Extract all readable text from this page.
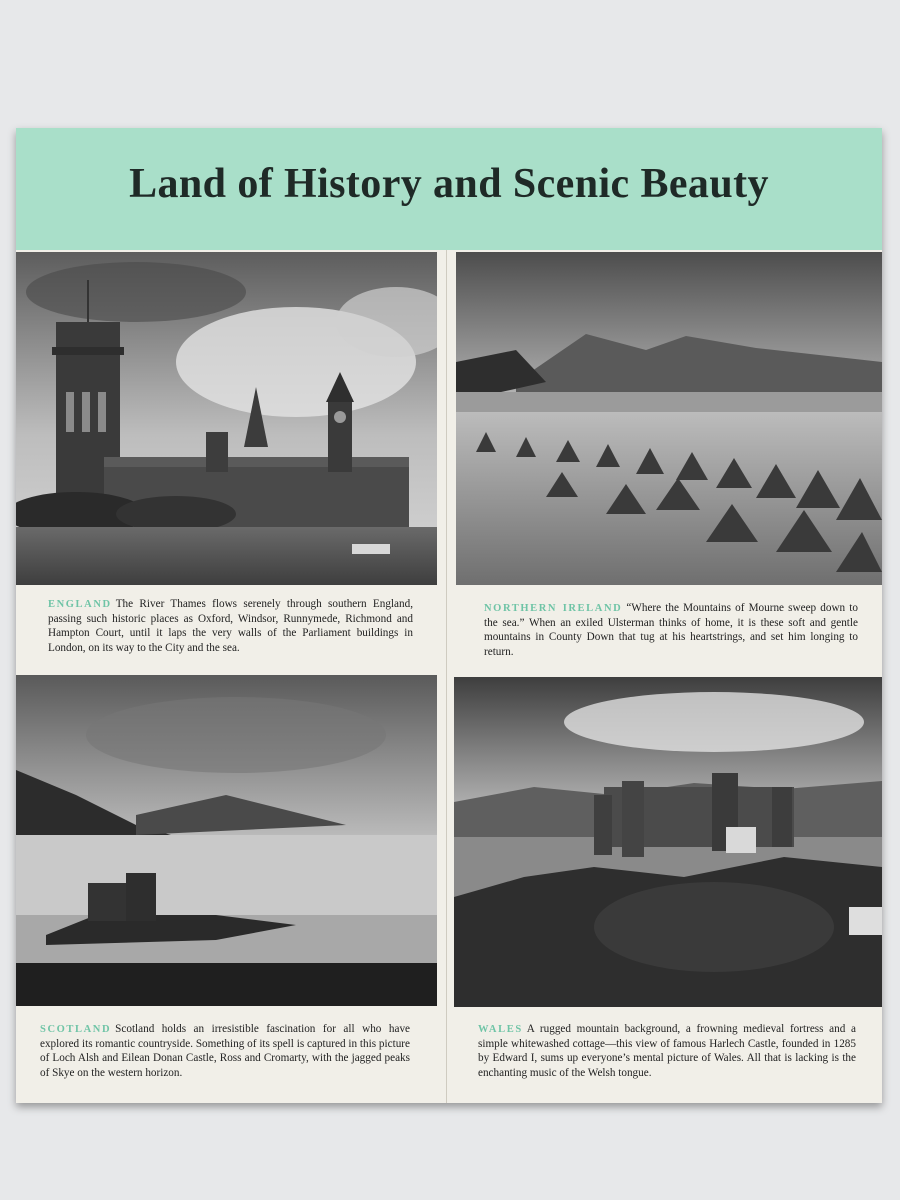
Land of History and Scenic Beauty

ENGLAND The River Thames flows serenely through southern England, passing such historic places as Oxford, Windsor, Runnymede, Richmond and Hampton Court, until it laps the very walls of the Parliament buildings in London, on its way to the City and the sea.

NORTHERN IRELAND “Where the Mountains of Mourne sweep down to the sea.” When an exiled Ulsterman thinks of home, it is these soft and gentle mountains in County Down that tug at his heartstrings, and set him longing to return.

SCOTLAND Scotland holds an irresistible fascination for all who have explored its romantic countryside. Something of its spell is captured in this picture of Loch Alsh and Eilean Donan Castle, Ross and Cromarty, with the jagged peaks of Skye on the western horizon.

WALES A rugged mountain background, a frowning medieval fortress and a simple whitewashed cottage—this view of famous Harlech Castle, founded in 1285 by Edward I, sums up everyone’s mental picture of Wales. All that is lacking is the enchanting music of the Welsh tongue.
